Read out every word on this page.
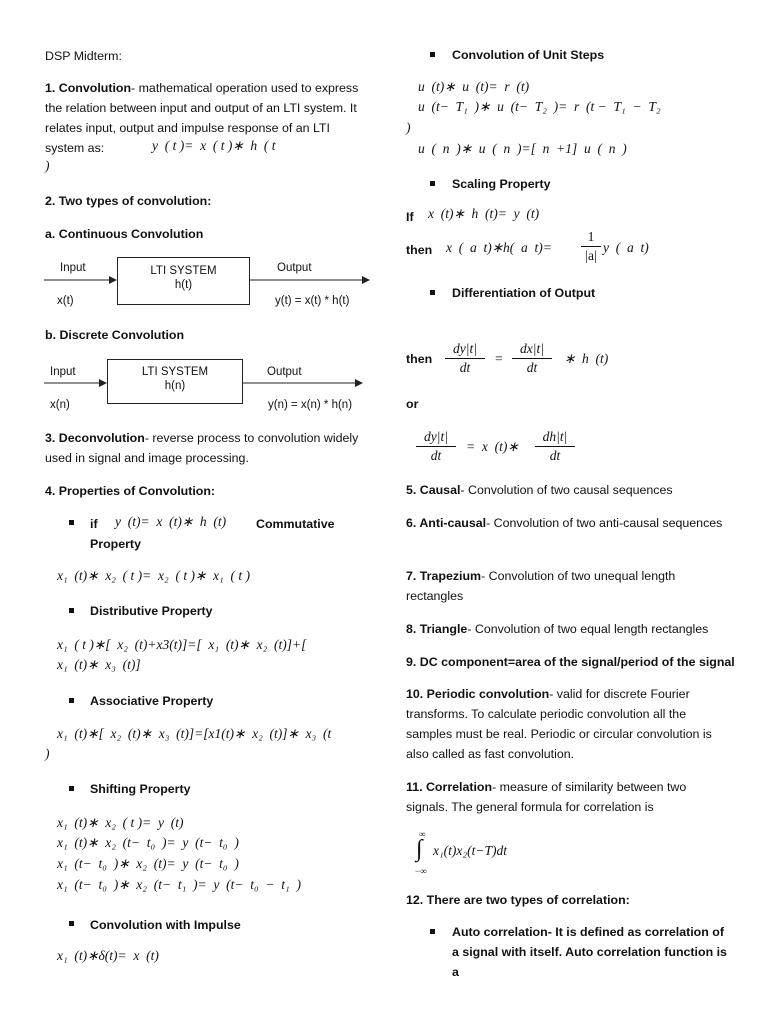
DSP Midterm:
1. Convolution- mathematical operation used to express the relation between input and output of an LTI system. It relates input, output and impulse response of an LTI system as:	y  ( t )=  x  ( t )∗  h  ( t
)
2. Two types of convolution:
a. Continuous Convolution
Input	Output
LTI SYSTEM
h(t)
x(t)	y(t) = x(t) * h(t)
b. Discrete Convolution
Input	Output
LTI SYSTEM
h(n)
x(n)	y(n) = x(n) * h(n)
3. Deconvolution- reverse process to convolution widely used in signal and image processing.
4. Properties of Convolution:
if y  (t)=  x  (t)∗  h  (t) Commutative
Property
x₁  (t)∗  x₂  ( t )=  x₂  ( t )∗  x₁  ( t )
Distributive Property
x₁  ( t )∗[  x₂  (t)+x3(t)]=[  x₁  (t)∗  x₂  (t)]+[
x₁  (t)∗  x₃  (t)]
Associative Property
x₁  (t)∗[  x₂  (t)∗  x₃  (t)]=[x1(t)∗  x₂  (t)]∗  x₃  (t
)
Shifting Property
x₁  (t)∗  x₂  ( t )=  y  (t)
x₁  (t)∗  x₂  (t−  t₀  )=  y  (t−  t₀  )
x₁  (t−  t₀  )∗  x₂  (t)=  y  (t−  t₀  )
x₁  (t−  t₀  )∗  x₂  (t−  t₁  )=  y  (t−  t₀  −  t₁  )
Convolution with Impulse
x₁  (t)∗δ(t)=  x  (t)
Convolution of Unit Steps
u  (t)∗  u  (t)=  r  (t)
u  (t−  T₁  )∗  u  (t−  T₂  )=  r  (t −  T₁  −  T₂
)
u  (  n  )∗  u  (  n  )=[  n  +1]  u  (  n  )
Scaling Property
If x  (t)∗  h  (t)=  y  (t)
then x  (  a  t)∗h(  a  $t)= \frac{1}{|a|}$ y  (  a  t)
Differentiation of Output
then $\frac{dy|t|}{dt} = \frac{dx|t|}{dt}$ ∗  h  (t)
or
$\frac{dy|t|}{dt} = x$  (t)∗ $\frac{dh|t|}{dt}$
5. Causal- Convolution of two causal sequences
6. Anti-causal- Convolution of two anti-causal sequences
7. Trapezium- Convolution of two unequal length rectangles
8. Triangle- Convolution of two equal length rectangles
9. DC component=area of the signal/period of the signal
10. Periodic convolution- valid for discrete Fourier transforms. To calculate periodic convolution all the samples must be real. Periodic or circular convolution is also called as fast convolution.
11. Correlation- measure of similarity between two signals. The general formula for correlation is
∞
∫
−∞
x₁(t)x₂(t−T)dt
12. There are two types of correlation:
Auto correlation- It is defined as correlation of a signal with itself. Auto correlation function is a
